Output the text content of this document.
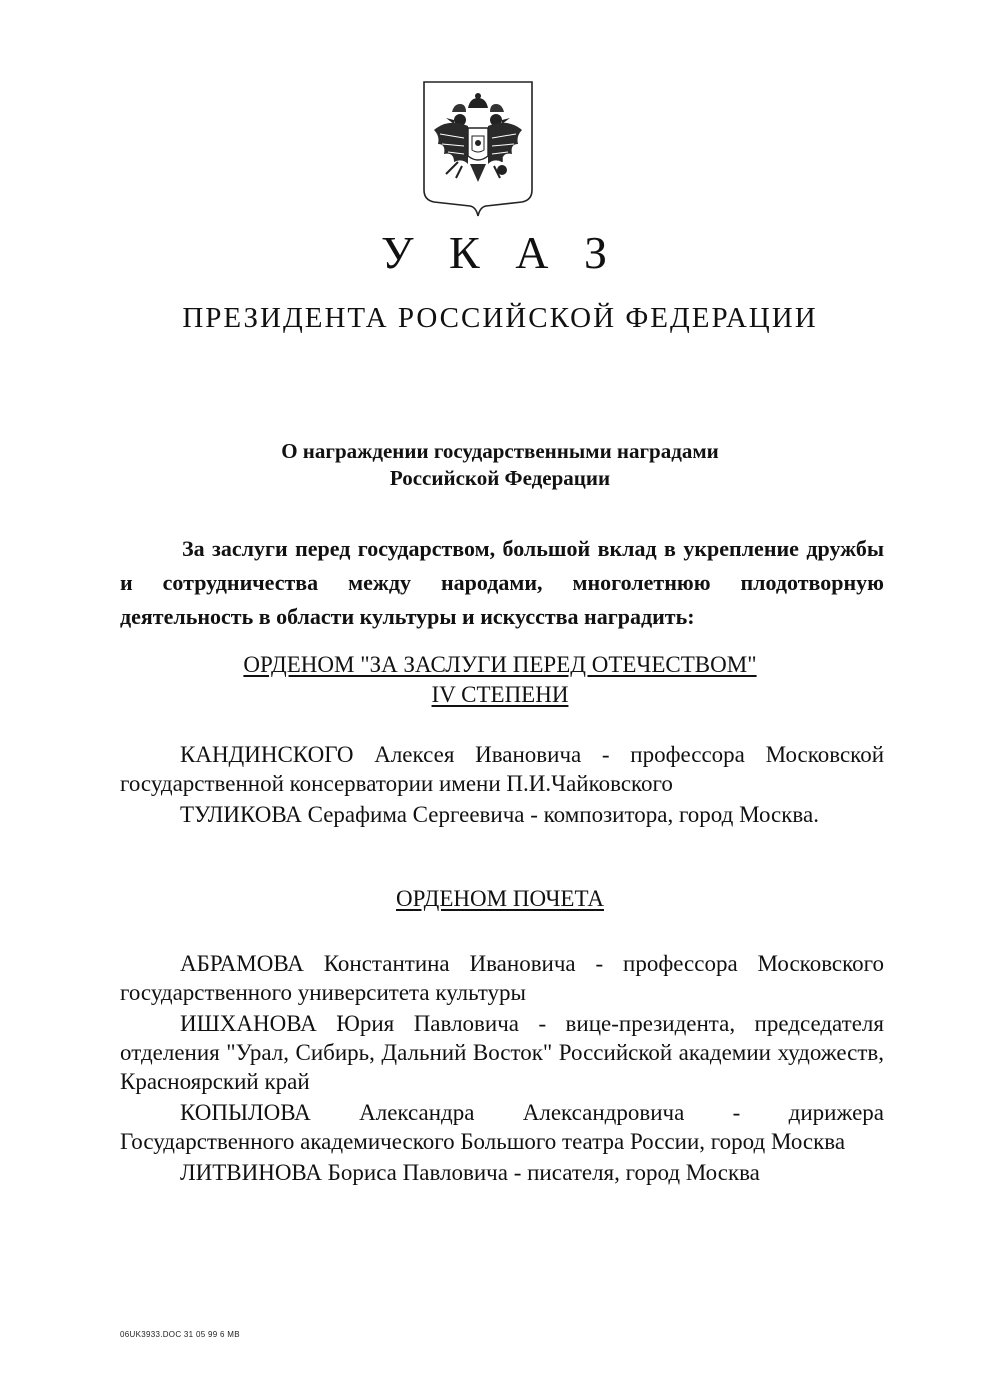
У К А З
ПРЕЗИДЕНТА РОССИЙСКОЙ ФЕДЕРАЦИИ
О награждении государственными наградами
Российской Федерации
За заслуги перед государством, большой вклад в укрепление дружбы и сотрудничества между народами, многолетнюю плодотворную деятельность в области культуры и искусства наградить:
ОРДЕНОМ "ЗА ЗАСЛУГИ ПЕРЕД ОТЕЧЕСТВОМ"
IV СТЕПЕНИ

КАНДИНСКОГО Алексея Ивановича - профессора Московской государственной консерватории имени П.И.Чайковского

ТУЛИКОВА Серафима Сергеевича - композитора, город Москва.

ОРДЕНОМ ПОЧЕТА

АБРАМОВА Константина Ивановича - профессора Московского государственного университета культуры

ИШХАНОВА Юрия Павловича - вице-президента, председателя отделения "Урал, Сибирь, Дальний Восток" Российской академии художеств, Красноярский край

КОПЫЛОВА Александра Александровича - дирижера Государственного академического Большого театра России, город Москва

ЛИТВИНОВА Бориса Павловича - писателя, город Москва

06UK3933.DOC 31 05 99 6 MB
